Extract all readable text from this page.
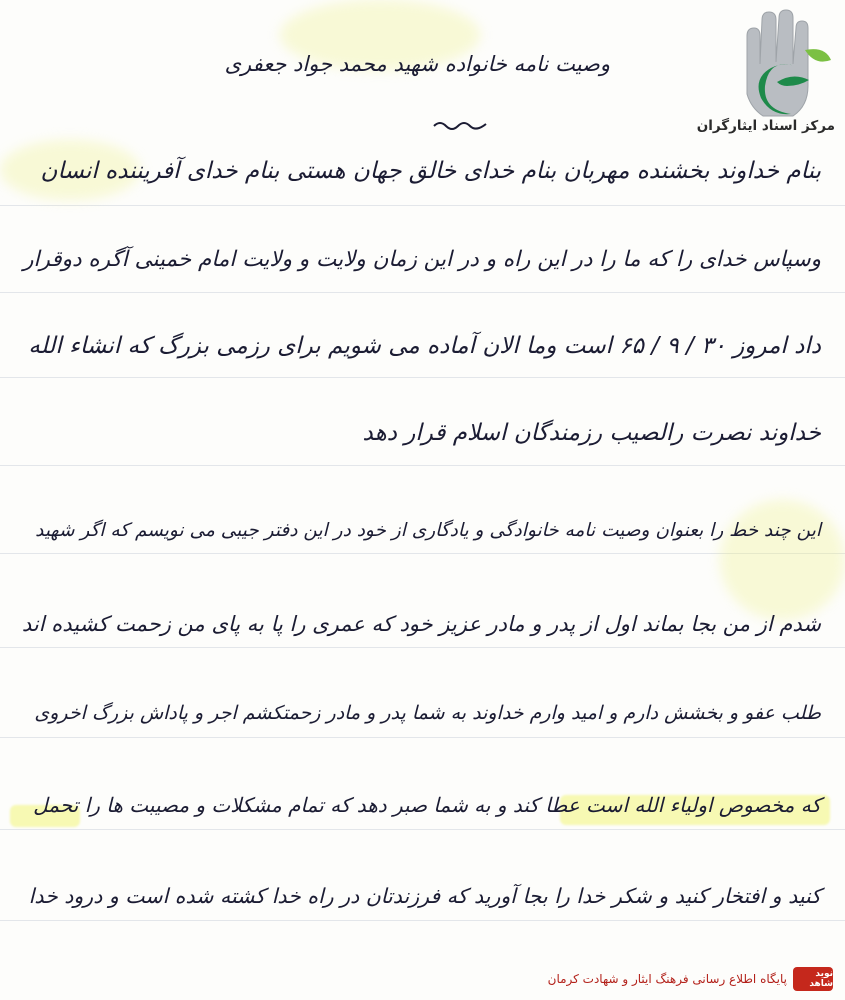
مرکز اسناد ایثارگران
وصیت نامه خانواده شهید محمد جواد جعفری
بنام خداوند بخشنده مهربان بنام خدای خالق جهان هستی بنام خدای آفریننده انسان
وسپاس خدای را که ما را در این راه و در این زمان ولایت و ولایت امام خمینی آگره دوقرار
داد امروز ۳۰ / ۹ / ۶۵ است وما الان آماده می شویم برای رزمی بزرگ که انشاء الله
خداوند نصرت رالصیب رزمندگان اسلام قرار دهد
این چند خط را بعنوان وصیت نامه خانوادگی و یادگاری از خود در این دفتر جیبی می نویسم که اگر شهید
شدم از من بجا بماند اول از پدر و مادر عزیز خود که عمری را پا به پای من زحمت کشیده اند
طلب عفو و بخشش دارم و امید وارم خداوند به شما پدر و مادر زحمتکشم اجر و پاداش بزرگ اخروی
که مخصوص اولیاء الله است عطا کند و به شما صبر دهد که تمام مشکلات و مصیبت ها را تحمل
کنید و افتخار کنید و شکر خدا را بجا آورید که فرزندتان در راه خدا کشته شده است و درود خدا
نوید شاهد
پایگاه اطلاع رسانی فرهنگ ایثار و شهادت کرمان
